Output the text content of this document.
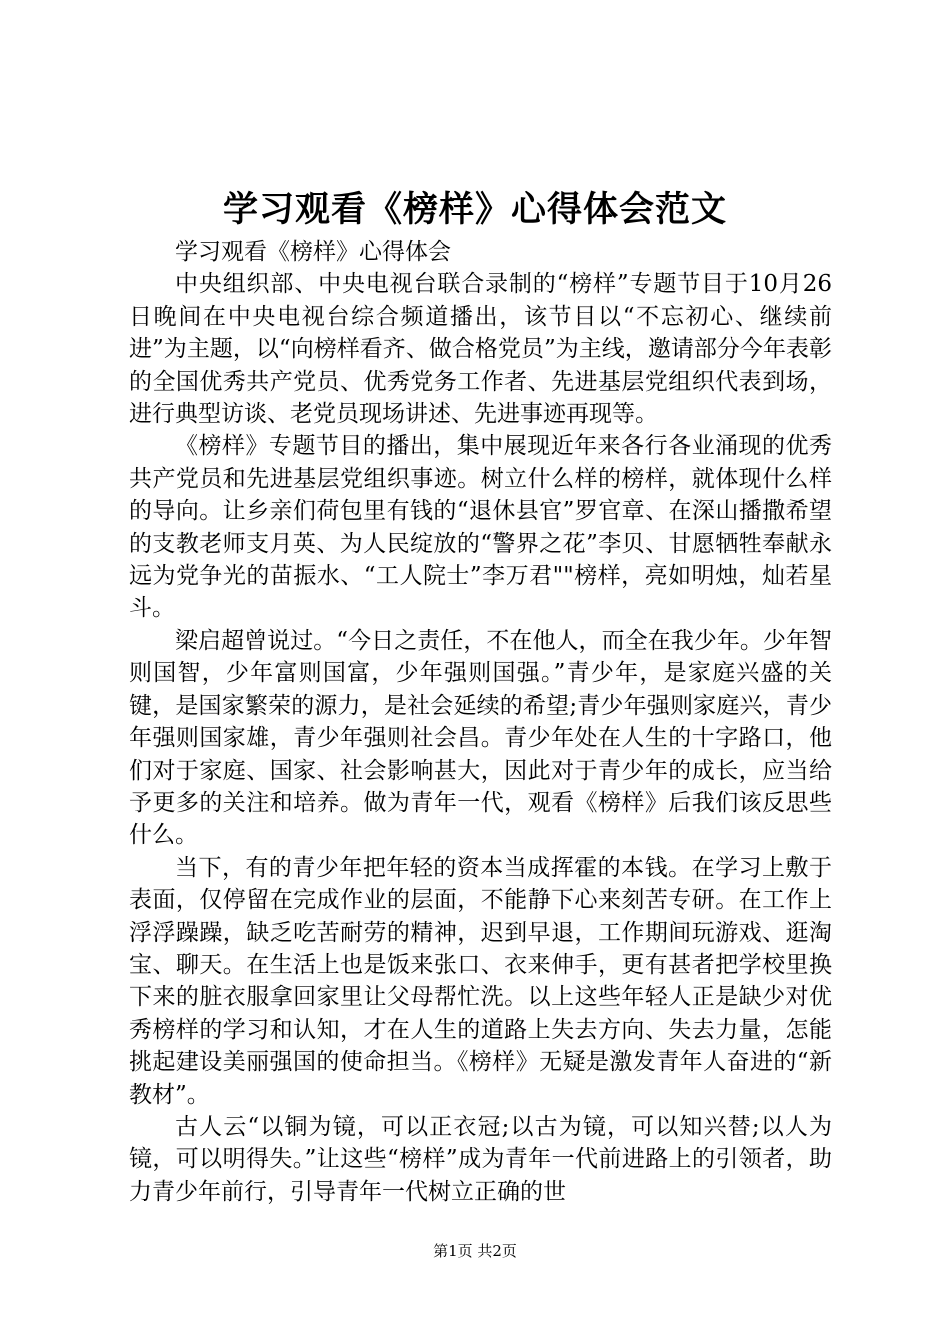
学习观看《榜样》心得体会范文

学习观看《榜样》心得体会

中央组织部、中央电视台联合录制的“榜样”专题节目于10月26日晚间在中央电视台综合频道播出，该节目以“不忘初心、继续前进”为主题，以“向榜样看齐、做合格党员”为主线，邀请部分今年表彰的全国优秀共产党员、优秀党务工作者、先进基层党组织代表到场，进行典型访谈、老党员现场讲述、先进事迹再现等。

《榜样》专题节目的播出，集中展现近年来各行各业涌现的优秀共产党员和先进基层党组织事迹。树立什么样的榜样，就体现什么样的导向。让乡亲们荷包里有钱的“退休县官”罗官章、在深山播撒希望的支教老师支月英、为人民绽放的“警界之花”李贝、甘愿牺牲奉献永远为党争光的苗振水、“工人院士”李万君""榜样，亮如明烛，灿若星斗。

梁启超曾说过。“今日之责任，不在他人，而全在我少年。少年智则国智，少年富则国富，少年强则国强。”青少年，是家庭兴盛的关键，是国家繁荣的源力，是社会延续的希望;青少年强则家庭兴，青少年强则国家雄，青少年强则社会昌。青少年处在人生的十字路口，他们对于家庭、国家、社会影响甚大，因此对于青少年的成长，应当给予更多的关注和培养。做为青年一代，观看《榜样》后我们该反思些什么。

当下，有的青少年把年轻的资本当成挥霍的本钱。在学习上敷于表面，仅停留在完成作业的层面，不能静下心来刻苦专研。在工作上浮浮躁躁，缺乏吃苦耐劳的精神，迟到早退，工作期间玩游戏、逛淘宝、聊天。在生活上也是饭来张口、衣来伸手，更有甚者把学校里换下来的脏衣服拿回家里让父母帮忙洗。以上这些年轻人正是缺少对优秀榜样的学习和认知，才在人生的道路上失去方向、失去力量，怎能挑起建设美丽强国的使命担当。《榜样》无疑是激发青年人奋进的“新教材”。

古人云“以铜为镜，可以正衣冠;以古为镜，可以知兴替;以人为镜，可以明得失。”让这些“榜样”成为青年一代前进路上的引领者，助力青少年前行，引导青年一代树立正确的世

第1页 共2页
